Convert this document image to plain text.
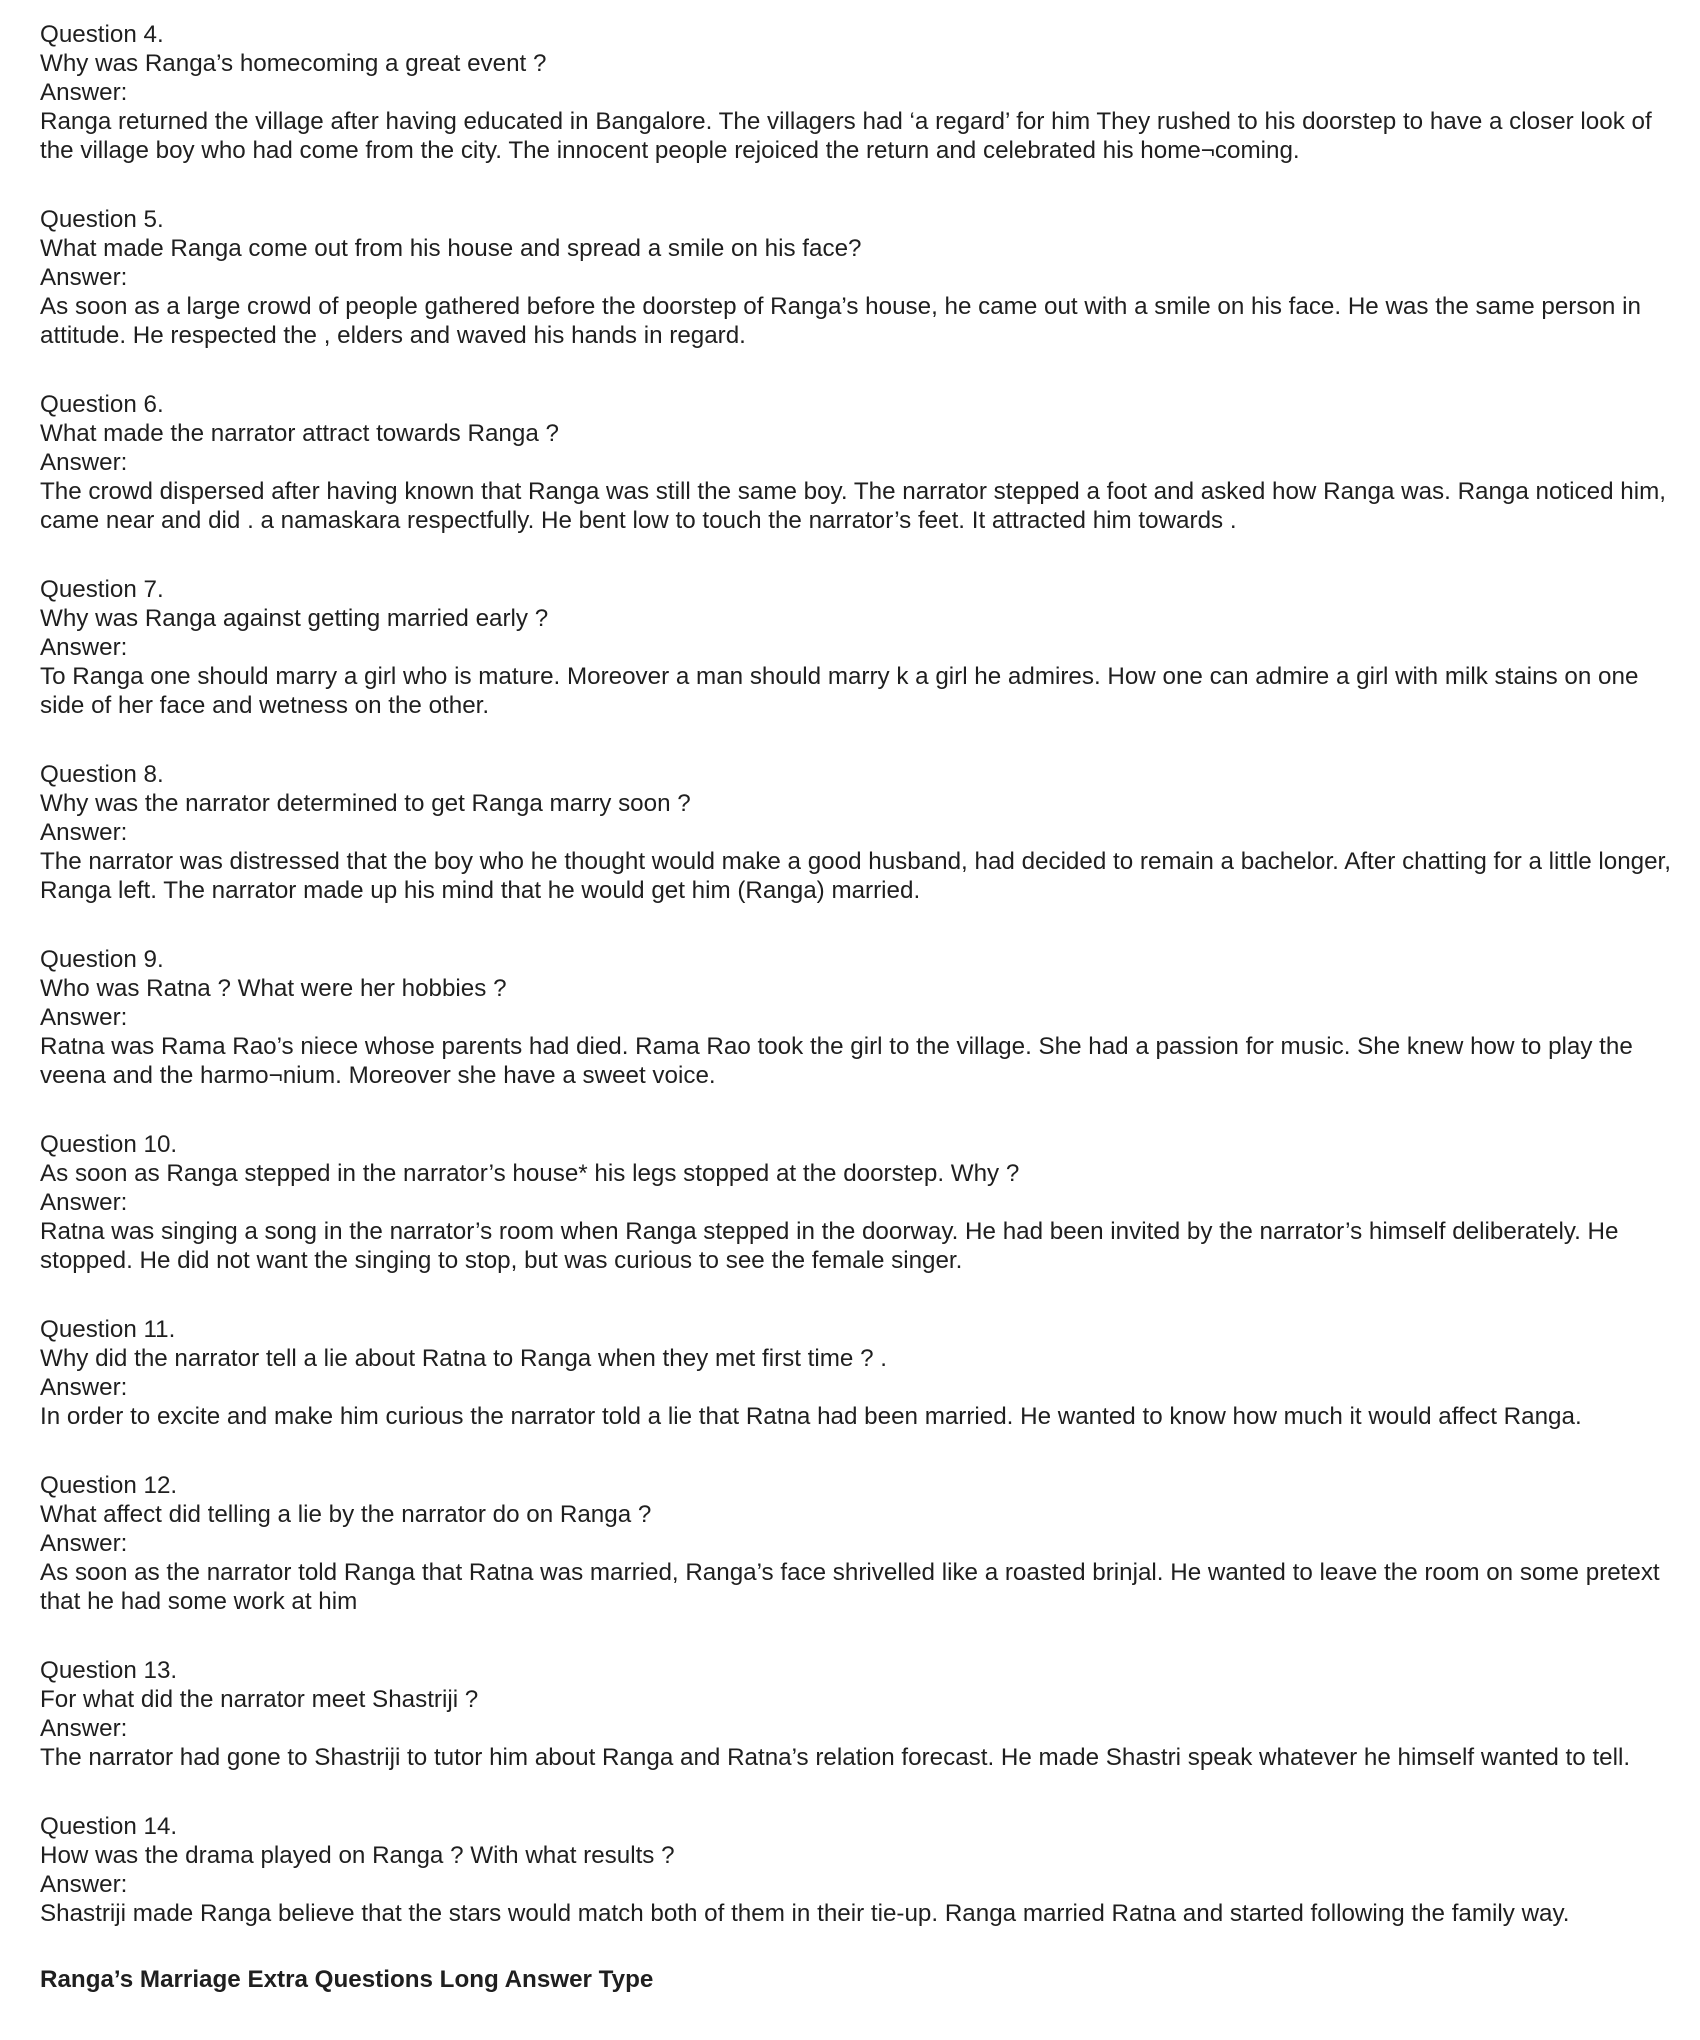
Question 4.
Why was Ranga’s homecoming a great event ?
Answer:
Ranga returned the village after having educated in Bangalore. The villagers had ‘a regard’ for him They rushed to his doorstep to have a closer look of the village boy who had come from the city. The innocent people rejoiced the return and celebrated his home¬coming.
Question 5.
What made Ranga come out from his house and spread a smile on his face?
Answer:
As soon as a large crowd of people gathered before the doorstep of Ranga’s house, he came out with a smile on his face. He was the same person in attitude. He respected the , elders and waved his hands in regard.
Question 6.
What made the narrator attract towards Ranga ?
Answer:
The crowd dispersed after having known that Ranga was still the same boy. The narrator stepped a foot and asked how Ranga was. Ranga noticed him, came near and did . a namaskara respectfully. He bent low to touch the narrator’s feet. It attracted him towards .
Question 7.
Why was Ranga against getting married early ?
Answer:
To Ranga one should marry a girl who is mature. Moreover a man should marry k a girl he admires. How one can admire a girl with milk stains on one side of her face and wetness on the other.
Question 8.
Why was the narrator determined to get Ranga marry soon ?
Answer:
The narrator was distressed that the boy who he thought would make a good husband, had decided to remain a bachelor. After chatting for a little longer, Ranga left. The narrator made up his mind that he would get him (Ranga) married.
Question 9.
Who was Ratna ? What were her hobbies ?
Answer:
Ratna was Rama Rao’s niece whose parents had died. Rama Rao took the girl to the village. She had a passion for music. She knew how to play the veena and the harmo¬nium. Moreover she have a sweet voice.
Question 10.
As soon as Ranga stepped in the narrator’s house* his legs stopped at the doorstep. Why ?
Answer:
Ratna was singing a song in the narrator’s room when Ranga stepped in the doorway. He had been invited by the narrator’s himself deliberately. He stopped. He did not want the singing to stop, but was curious to see the female singer.
Question 11.
Why did the narrator tell a lie about Ratna to Ranga when they met first time ? .
Answer:
In order to excite and make him curious the narrator told a lie that Ratna had been married. He wanted to know how much it would affect Ranga.
Question 12.
What affect did telling a lie by the narrator do on Ranga ?
Answer:
As soon as the narrator told Ranga that Ratna was married, Ranga’s face shrivelled like a roasted brinjal. He wanted to leave the room on some pretext that he had some work at him
Question 13.
For what did the narrator meet Shastriji ?
Answer:
The narrator had gone to Shastriji to tutor him about Ranga and Ratna’s relation forecast. He made Shastri speak whatever he himself wanted to tell.
Question 14.
How was the drama played on Ranga ? With what results ?
Answer:
Shastriji made Ranga believe that the stars would match both of them in their tie-up. Ranga married Ratna and started following the family way.
Ranga’s Marriage Extra Questions Long Answer Type
